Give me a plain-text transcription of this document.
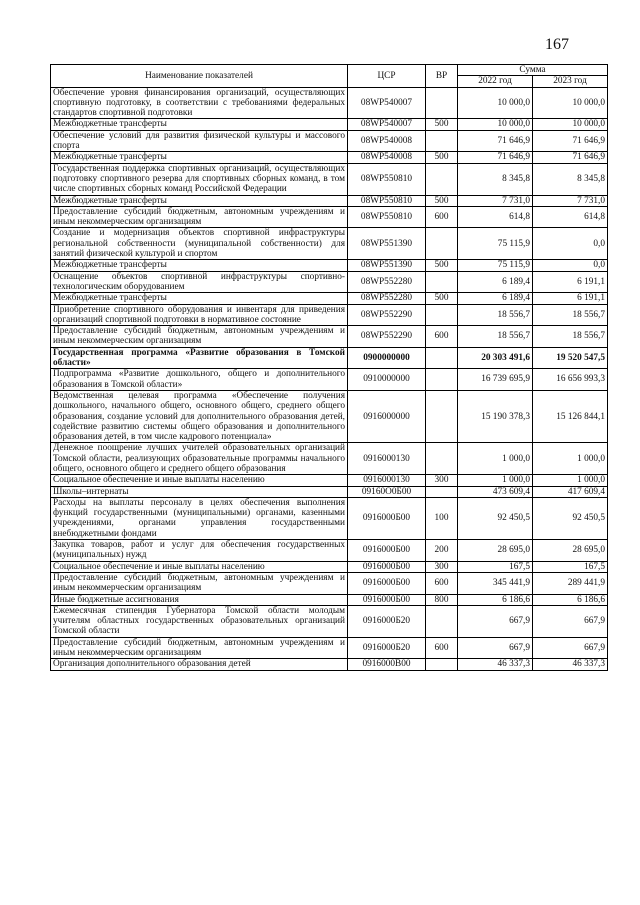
167
Наименование показателей	ЦСР	ВР	Сумма	
			2022 год	2023 год
Обеспечение уровня финансирования организаций, осуществляющих спортивную подготовку, в соответствии с требованиями федеральных стандартов спортивной подготовки	08WP540007		10 000,0	10 000,0
Межбюджетные трансферты	08WP540007	500	10 000,0	10 000,0
Обеспечение условий для развития физической культуры и массового спорта	08WP540008		71 646,9	71 646,9
Межбюджетные трансферты	08WP540008	500	71 646,9	71 646,9
Государственная поддержка спортивных организаций, осуществляющих подготовку спортивного резерва для спортивных сборных команд, в том числе спортивных сборных команд Российской Федерации	08WP550810		8 345,8	8 345,8
Межбюджетные трансферты	08WP550810	500	7 731,0	7 731,0
Предоставление субсидий бюджетным, автономным учреждениям и иным некоммерческим организациям	08WP550810	600	614,8	614,8
Создание и модернизация объектов спортивной инфраструктуры региональной собственности (муниципальной собственности) для занятий физической культурой и спортом	08WP551390		75 115,9	0,0
Межбюджетные трансферты	08WP551390	500	75 115,9	0,0
Оснащение объектов спортивной инфраструктуры спортивно-технологическим оборудованием	08WP552280		6 189,4	6 191,1
Межбюджетные трансферты	08WP552280	500	6 189,4	6 191,1
Приобретение спортивного оборудования и инвентаря для приведения организаций спортивной подготовки в нормативное состояние	08WP552290		18 556,7	18 556,7
Предоставление субсидий бюджетным, автономным учреждениям и иным некоммерческим организациям	08WP552290	600	18 556,7	18 556,7
Государственная программа «Развитие образования в Томской области»	0900000000		20 303 491,6	19 520 547,5
Подпрограмма «Развитие дошкольного, общего и дополнительного образования в Томской области»	0910000000		16 739 695,9	16 656 993,3
Ведомственная целевая программа «Обеспечение получения дошкольного, начального общего, основного общего, среднего общего образования, создание условий для дополнительного образования детей, содействие развитию системы общего образования и дополнительного образования детей, в том числе кадрового потенциала»	0916000000		15 190 378,3	15 126 844,1
Денежное поощрение лучших учителей образовательных организаций Томской области, реализующих образовательные программы начального общего, основного общего и среднего общего образования	0916000130		1 000,0	1 000,0
Социальное обеспечение и иные выплаты населению	0916000130	300	1 000,0	1 000,0
Школы–интернаты	09160О0Б00		473 609,4	417 609,4
Расходы на выплаты персоналу в целях обеспечения выполнения функций государственными (муниципальными) органами, казенными учреждениями, органами управления государственными внебюджетными фондами	0916000Б00	100	92 450,5	92 450,5
Закупка товаров, работ и услуг для обеспечения государственных (муниципальных) нужд	0916000Б00	200	28 695,0	28 695,0
Социальное обеспечение и иные выплаты населению	0916000Б00	300	167,5	167,5
Предоставление субсидий бюджетным, автономным учреждениям и иным некоммерческим организациям	0916000Б00	600	345 441,9	289 441,9
Иные бюджетные ассигнования	0916000Б00	800	6 186,6	6 186,6
Ежемесячная стипендия Губернатора Томской области молодым учителям областных государственных образовательных организаций Томской области	0916000Б20		667,9	667,9
Предоставление субсидий бюджетным, автономным учреждениям и иным некоммерческим организациям	0916000Б20	600	667,9	667,9
Организация дополнительного образования детей	0916000В00		46 337,3	46 337,3
